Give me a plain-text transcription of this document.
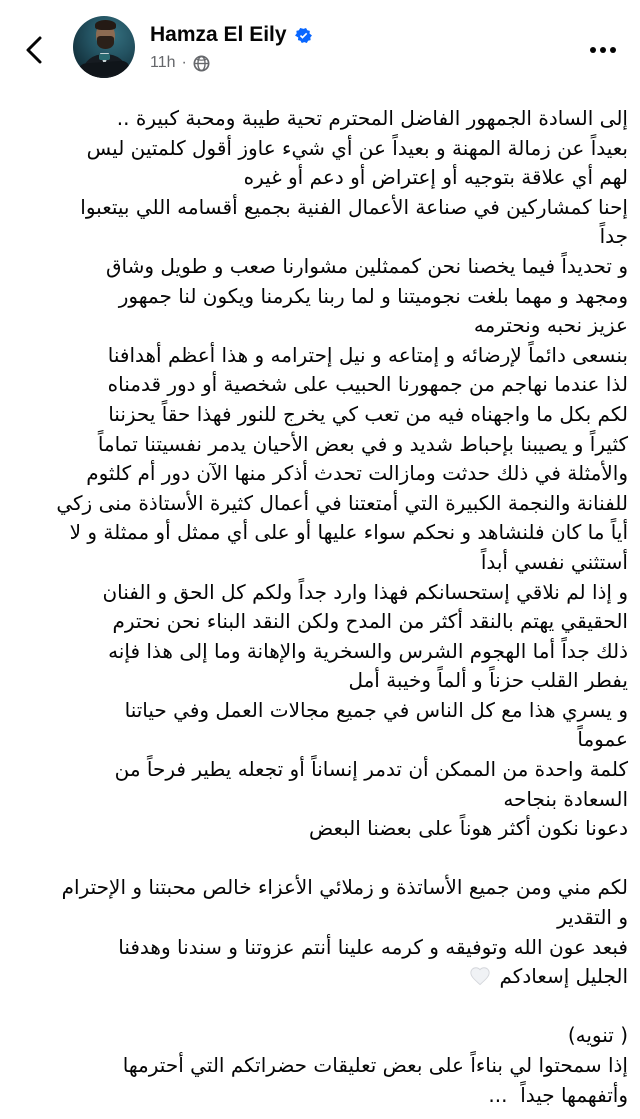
Hamza El Eily
11h ·
إلى السادة الجمهور الفاضل المحترم تحية طيبة ومحبة كبيرة ..
بعيداً عن زمالة المهنة و بعيداً عن أي شيء عاوز أقول كلمتين ليس
لهم أي علاقة بتوجيه أو إعتراض أو دعم أو غيره
إحنا كمشاركين في صناعة الأعمال الفنية بجميع أقسامه اللي بيتعبوا
جداً
و تحديداً فيما يخصنا نحن كممثلين مشوارنا صعب و طويل وشاق
ومجهد و مهما بلغت نجوميتنا و لما ربنا يكرمنا ويكون لنا جمهور
عزيز نحبه ونحترمه
بنسعى دائماً لإرضائه و إمتاعه و نيل إحترامه و هذا أعظم أهدافنا
لذا عندما نهاجم من جمهورنا الحبيب على شخصية أو دور قدمناه
لكم بكل ما واجهناه فيه من تعب كي يخرج للنور فهذا حقاً يحزننا
كثيراً و يصيبنا بإحباط شديد و في بعض الأحيان يدمر نفسيتنا تماماً
والأمثلة في ذلك حدثت ومازالت تحدث أذكر منها الآن دور أم كلثوم
للفنانة والنجمة الكبيرة التي أمتعتنا في أعمال كثيرة الأستاذة منى زكي
أياً ما كان فلنشاهد و نحكم سواء عليها أو على أي ممثل أو ممثلة و لا
أستثني نفسي أبداً
و إذا لم نلاقي إستحسانكم فهذا وارد جداً ولكم كل الحق و الفنان
الحقيقي يهتم بالنقد أكثر من المدح ولكن النقد البناء نحن نحترم
ذلك جداً أما الهجوم الشرس والسخرية والإهانة وما إلى هذا فإنه
يفطر القلب حزناً و ألماً وخيبة أمل
و يسري هذا مع كل الناس في جميع مجالات العمل وفي حياتنا
عموماً
كلمة واحدة من الممكن أن تدمر إنساناً أو تجعله يطير فرحاً من
السعادة بنجاحه
دعونا نكون أكثر هوناً على بعضنا البعض

لكم مني ومن جميع الأساتذة و زملائي الأعزاء خالص محبتنا و الإحترام
و التقدير
فبعد عون الله وتوفيقه و كرمه علينا أنتم عزوتنا و سندنا وهدفنا
الجليل إسعادكم

( تنويه)
إذا سمحتوا لي بناءاً على بعض تعليقات حضراتكم التي أحترمها
وأتفهمها جيداً  ...
